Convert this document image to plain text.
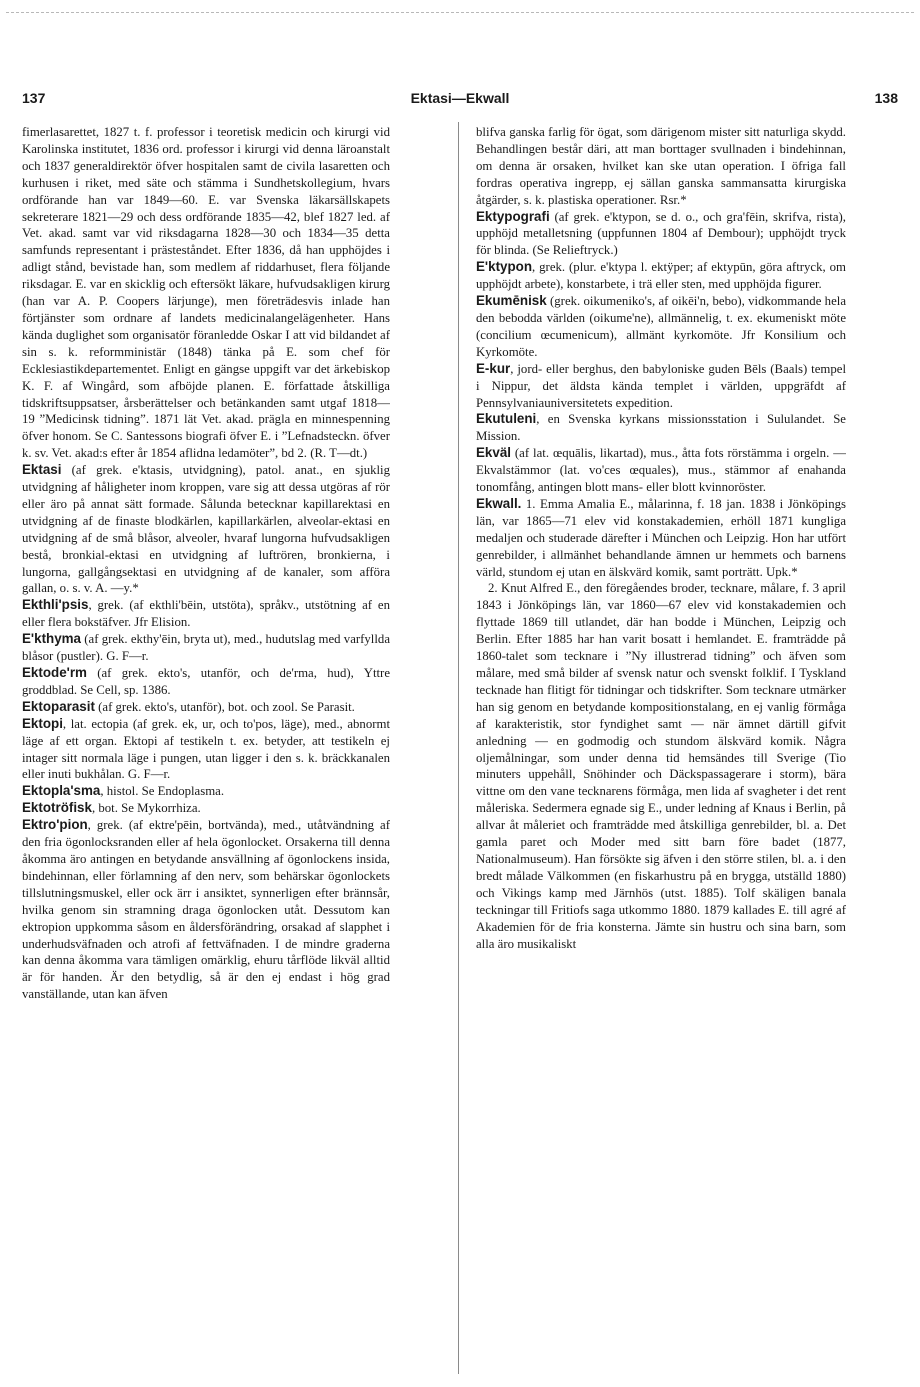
137	Ektasi—Ekwall	138

fimerlasarettet, 1827 t. f. professor i teoretisk medicin och kirurgi vid Karolinska institutet, 1836 ord. professor i kirurgi vid denna läroanstalt och 1837 generaldirektör öfver hospitalen samt de civila lasaretten och kurhusen i riket, med säte och stämma i Sundhetskollegium, hvars ordförande han var 1849—60. E. var Svenska läkarsällskapets sekreterare 1821—29 och dess ordförande 1835—42, blef 1827 led. af Vet. akad. samt var vid riksdagarna 1828—30 och 1834—35 detta samfunds representant i prästeståndet. Efter 1836, då han upphöjdes i adligt stånd, bevistade han, som medlem af riddarhuset, flera följande riksdagar. E. var en skicklig och eftersökt läkare, hufvudsakligen kirurg (han var A. P. Coopers lärjunge), men företrädesvis inlade han förtjänster som ordnare af landets medicinalangelägenheter. Hans kända duglighet som organisatör föranledde Oskar I att vid bildandet af sin s. k. reformministär (1848) tänka på E. som chef för Ecklesiastikdepartementet. Enligt en gängse uppgift var det ärkebiskop K. F. af Wingård, som afböjde planen. E. författade åtskilliga tidskriftsuppsatser, årsberättelser och betänkanden samt utgaf 1818—19 ”Medicinsk tidning”. 1871 lät Vet. akad. prägla en minnespenning öfver honom. Se C. Santessons biografi öfver E. i ”Lefnadsteckn. öfver k. sv. Vet. akad:s efter år 1854 aflidna ledamöter”, bd 2. (R. T—dt.)

Ektasi (af grek. e'ktasis, utvidgning), patol. anat., en sjuklig utvidgning af håligheter inom kroppen, vare sig att dessa utgöras af rör eller äro på annat sätt formade. Sålunda betecknar kapillarektasi en utvidgning af de finaste blodkärlen, kapillarkärlen, alveolar-ektasi en utvidgning af de små blåsor, alveoler, hvaraf lungorna hufvudsakligen bestå, bronkial-ektasi en utvidgning af luftrören, bronkierna, i lungorna, gallgångsektasi en utvidgning af de kanaler, som afföra gallan, o. s. v. A. —y.*

Ekthli'psis, grek. (af ekthli'bēin, utstöta), språkv., utstötning af en eller flera bokstäfver. Jfr Elision.

E'kthyma (af grek. ekthy'ēin, bryta ut), med., hudutslag med varfyllda blåsor (pustler). G. F—r.

Ektode'rm (af grek. ekto's, utanför, och de'rma, hud), Yttre groddblad. Se Cell, sp. 1386.

Ektoparasit (af grek. ekto's, utanför), bot. och zool. Se Parasit.

Ektopi, lat. ectopia (af grek. ek, ur, och to'pos, läge), med., abnormt läge af ett organ. Ektopi af testikeln t. ex. betyder, att testikeln ej intager sitt normala läge i pungen, utan ligger i den s. k. bräckkanalen eller inuti bukhålan. G. F—r.

Ektopla'sma, histol. Se Endoplasma.

Ektotröfisk, bot. Se Mykorrhiza.

Ektro'pion, grek. (af ektre'pēin, bortvända), med., utåtvändning af den fria ögonlocksranden eller af hela ögonlocket. Orsakerna till denna åkomma äro antingen en betydande ansvällning af ögonlockens insida, bindehinnan, eller förlamning af den nerv, som behärskar ögonlockets tillslutningsmuskel, eller ock ärr i ansiktet, synnerligen efter brännsår, hvilka genom sin stramning draga ögonlocken utåt. Dessutom kan ektropion uppkomma såsom en åldersförändring, orsakad af slapphet i underhudsväfnaden och atrofi af fettväfnaden. I de mindre graderna kan denna åkomma vara tämligen omärklig, ehuru tårflöde likväl alltid är för handen. Är den betydlig, så är den ej endast i hög grad vanställande, utan kan äfven

blifva ganska farlig för ögat, som därigenom mister sitt naturliga skydd. Behandlingen består däri, att man borttager svullnaden i bindehinnan, om denna är orsaken, hvilket kan ske utan operation. I öfriga fall fordras operativa ingrepp, ej sällan ganska sammansatta kirurgiska åtgärder, s. k. plastiska operationer. Rsr.*

Ektypografi (af grek. e'ktypon, se d. o., och gra'fēin, skrifva, rista), upphöjd metalletsning (uppfunnen 1804 af Dembour); upphöjdt tryck för blinda. (Se Relieftryck.)

E'ktypon, grek. (plur. e'ktypa l. ektÿper; af ektypūn, göra aftryck, om upphöjdt arbete), konstarbete, i trä eller sten, med upphöjda figurer.

Ekumēnisk (grek. oikumeniko's, af oikēi'n, bebo), vidkommande hela den bebodda världen (oikume'ne), allmännelig, t. ex. ekumeniskt möte (concilium œcumenicum), allmänt kyrkomöte. Jfr Konsilium och Kyrkomöte.

E-kur, jord- eller berghus, den babyloniske guden Bēls (Baals) tempel i Nippur, det äldsta kända templet i världen, uppgräfdt af Pennsylvaniauniversitetets expedition.

Ekutuleni, en Svenska kyrkans missionsstation i Sululandet. Se Mission.

Ekväl (af lat. œquālis, likartad), mus., åtta fots rörstämma i orgeln. — Ekvalstämmor (lat. vo'ces œquales), mus., stämmor af enahanda tonomfång, antingen blott mans- eller blott kvinnoröster.

Ekwall. 1. Emma Amalia E., målarinna, f. 18 jan. 1838 i Jönköpings län, var 1865—71 elev vid konstakademien, erhöll 1871 kungliga medaljen och studerade därefter i München och Leipzig. Hon har utfört genrebilder, i allmänhet behandlande ämnen ur hemmets och barnens värld, stundom ej utan en älskvärd komik, samt porträtt. Upk.*

2. Knut Alfred E., den föregåendes broder, tecknare, målare, f. 3 april 1843 i Jönköpings län, var 1860—67 elev vid konstakademien och flyttade 1869 till utlandet, där han bodde i München, Leipzig och Berlin. Efter 1885 har han varit bosatt i hemlandet. E. framträdde på 1860-talet som tecknare i ”Ny illustrerad tidning” och äfven som målare, med små bilder af svensk natur och svenskt folklif. I Tyskland tecknade han flitigt för tidningar och tidskrifter. Som tecknare utmärker han sig genom en betydande kompositionstalang, en ej vanlig förmåga af karakteristik, stor fyndighet samt — när ämnet därtill gifvit anledning — en godmodig och stundom älskvärd komik. Några oljemålningar, som under denna tid hemsändes till Sverige (Tio minuters uppehåll, Snöhinder och Däckspassagerare i storm), bära vittne om den vane tecknarens förmåga, men lida af svagheter i det rent måleriska. Sedermera egnade sig E., under ledning af Knaus i Berlin, på allvar åt måleriet och framträdde med åtskilliga genrebilder, bl. a. Det gamla paret och Moder med sitt barn före badet (1877, Nationalmuseum). Han försökte sig äfven i den större stilen, bl. a. i den bredt målade Välkommen (en fiskarhustru på en brygga, utställd 1880) och Vikings kamp med Järnhös (utst. 1885). Tolf skäligen banala teckningar till Fritiofs saga utkommo 1880. 1879 kallades E. till agré af Akademien för de fria konsterna. Jämte sin hustru och sina barn, som alla äro musikaliskt
